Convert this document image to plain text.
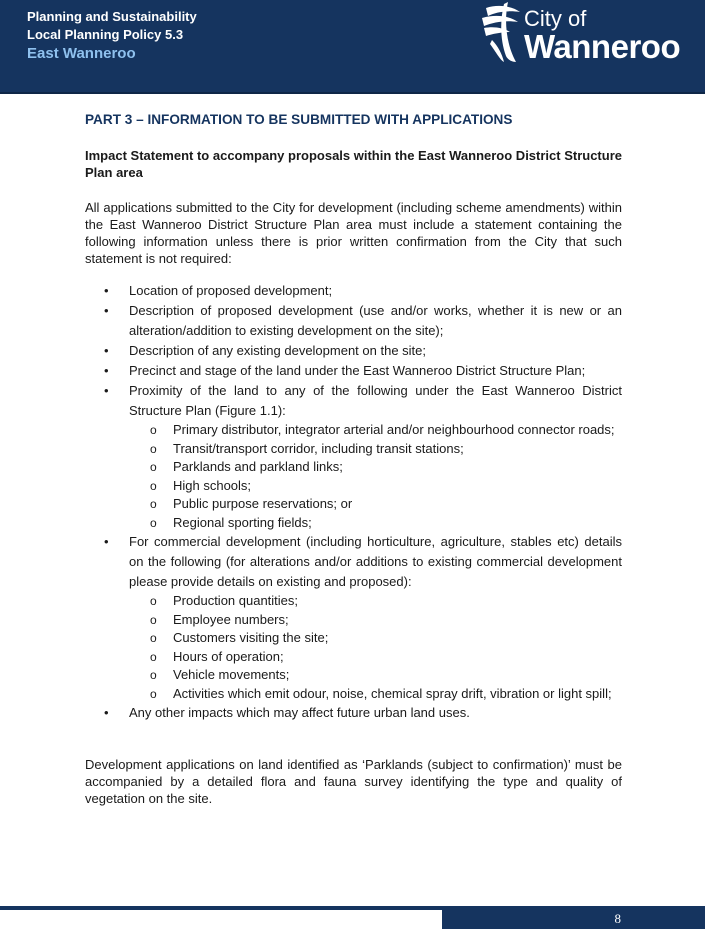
Planning and Sustainability
Local Planning Policy 5.3
East Wanneroo
City of
Wanneroo
PART 3 – INFORMATION TO BE SUBMITTED WITH APPLICATIONS

Impact Statement to accompany proposals within the East Wanneroo District Structure Plan area

All applications submitted to the City for development (including scheme amendments) within the East Wanneroo District Structure Plan area must include a statement containing the following information unless there is prior written confirmation from the City that such statement is not required:

• Location of proposed development;
• Description of proposed development (use and/or works, whether it is new or an alteration/addition to existing development on the site);
• Description of any existing development on the site;
• Precinct and stage of the land under the East Wanneroo District Structure Plan;
• Proximity of the land to any of the following under the East Wanneroo District Structure Plan (Figure 1.1):
o Primary distributor, integrator arterial and/or neighbourhood connector roads;
o Transit/transport corridor, including transit stations;
o Parklands and parkland links;
o High schools;
o Public purpose reservations; or
o Regional sporting fields;
• For commercial development (including horticulture, agriculture, stables etc) details on the following (for alterations and/or additions to existing commercial development please provide details on existing and proposed):
o Production quantities;
o Employee numbers;
o Customers visiting the site;
o Hours of operation;
o Vehicle movements;
o Activities which emit odour, noise, chemical spray drift, vibration or light spill;
• Any other impacts which may affect future urban land uses.

Development applications on land identified as ‘Parklands (subject to confirmation)’ must be accompanied by a detailed flora and fauna survey identifying the type and quality of vegetation on the site.

8
